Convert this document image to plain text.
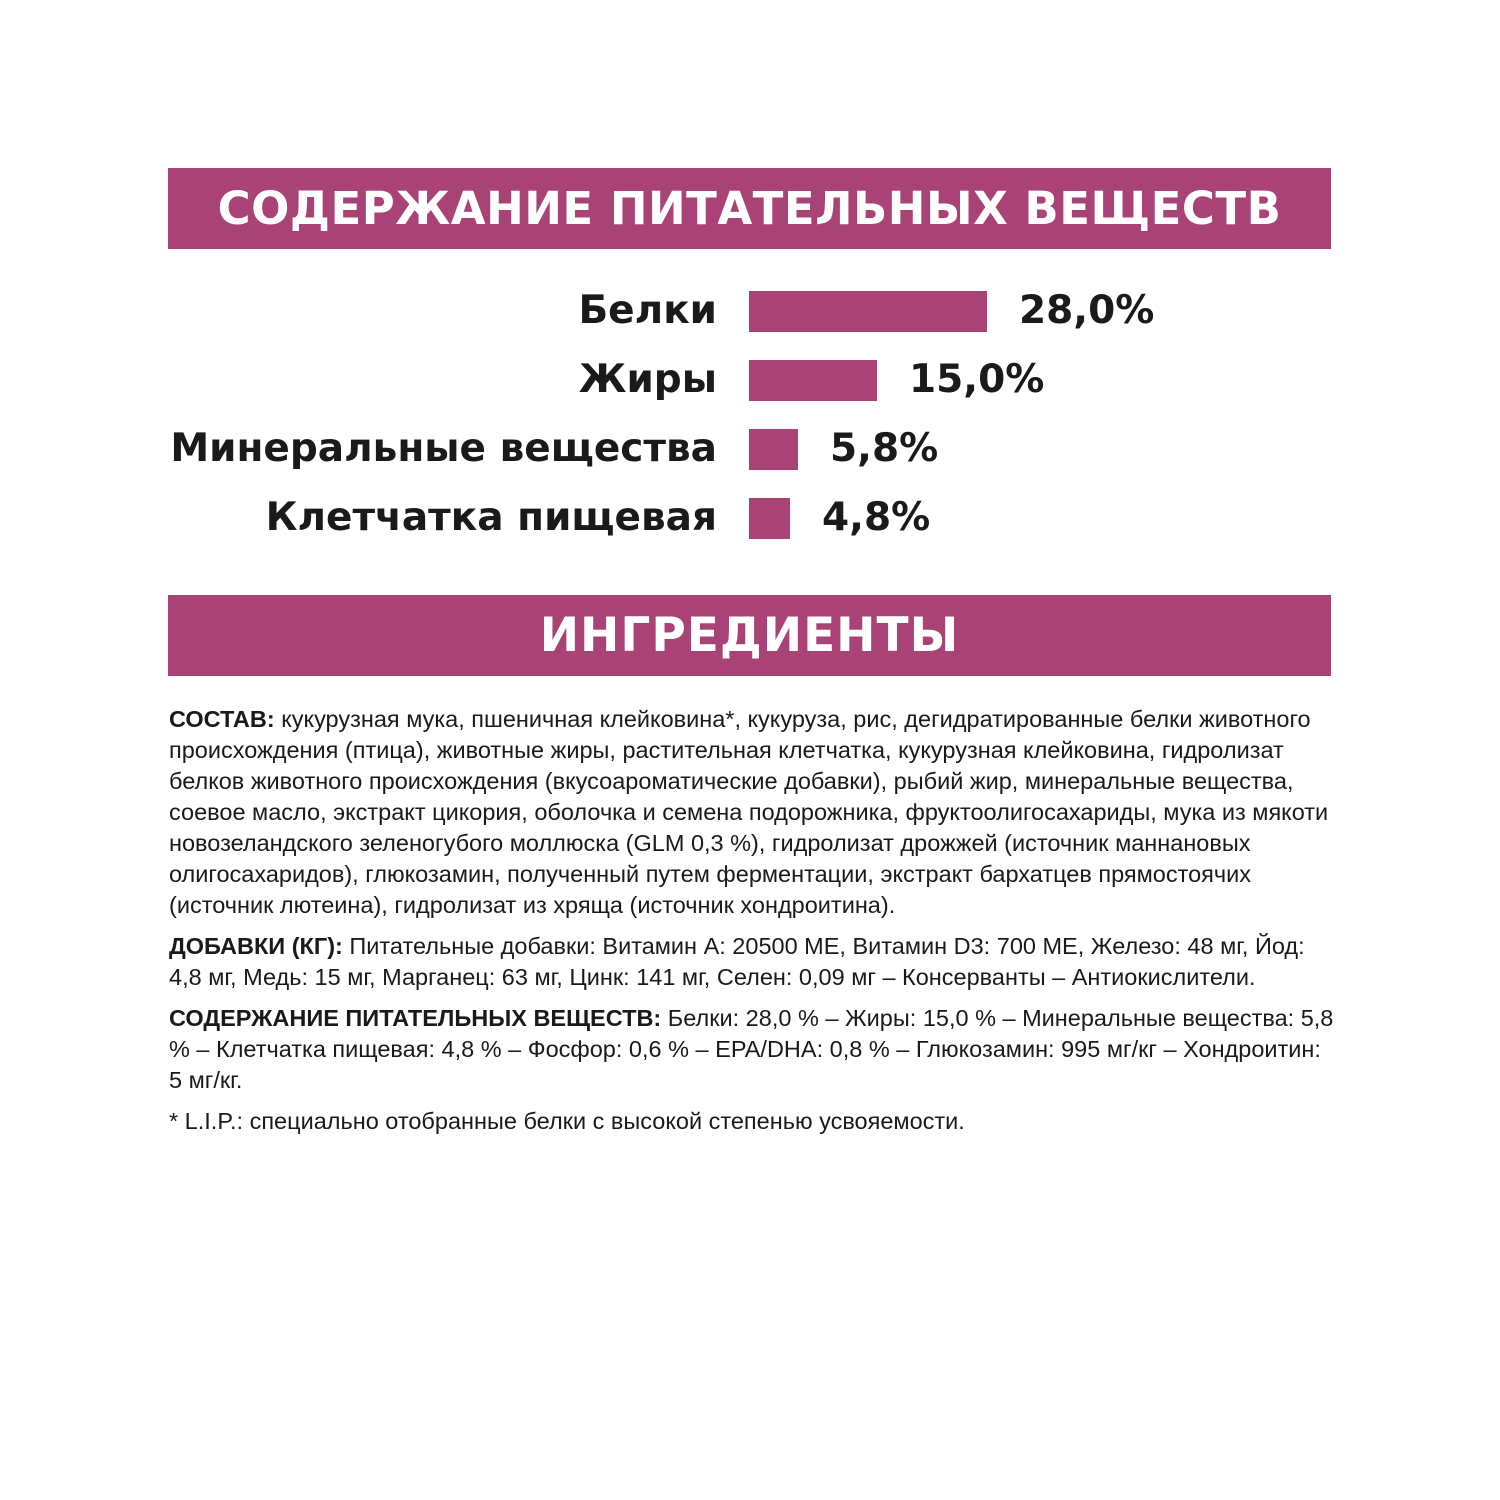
СОДЕРЖАНИЕ ПИТАТЕЛЬНЫХ ВЕЩЕСТВ
Белки	28,0%
Жиры	15,0%
Минеральные вещества	5,8%
Клетчатка пищевая	4,8%
ИНГРЕДИЕНТЫ

СОСТАВ: кукурузная мука, пшеничная клейковина*, кукуруза, рис, дегидратированные белки животного происхождения (птица), животные жиры, растительная клетчатка, кукурузная клейковина, гидролизат белков животного происхождения (вкусоароматические добавки), рыбий жир, минеральные вещества, соевое масло, экстракт цикория, оболочка и семена подорожника, фруктоолигосахариды, мука из мякоти новозеландского зеленогубого моллюска (GLM 0,3 %), гидролизат дрожжей (источник маннановых олигосахаридов), глюкозамин, полученный путем ферментации, экстракт бархатцев прямостоячих (источник лютеина), гидролизат из хряща (источник хондроитина).

ДОБАВКИ (КГ): Питательные добавки: Витамин А: 20500 МЕ, Витамин D3: 700 МЕ, Железо: 48 мг, Йод: 4,8 мг, Медь: 15 мг, Марганец: 63 мг, Цинк: 141 мг, Селен: 0,09 мг – Консерванты – Антиокислители.

СОДЕРЖАНИЕ ПИТАТЕЛЬНЫХ ВЕЩЕСТВ: Белки: 28,0 % – Жиры: 15,0 % – Минеральные вещества: 5,8 % – Клетчатка пищевая: 4,8 % – Фосфор: 0,6 % – EPA/DHA: 0,8 % – Глюкозамин: 995 мг/кг – Хондроитин: 5 мг/кг.

* L.I.P.: специально отобранные белки с высокой степенью усвояемости.
